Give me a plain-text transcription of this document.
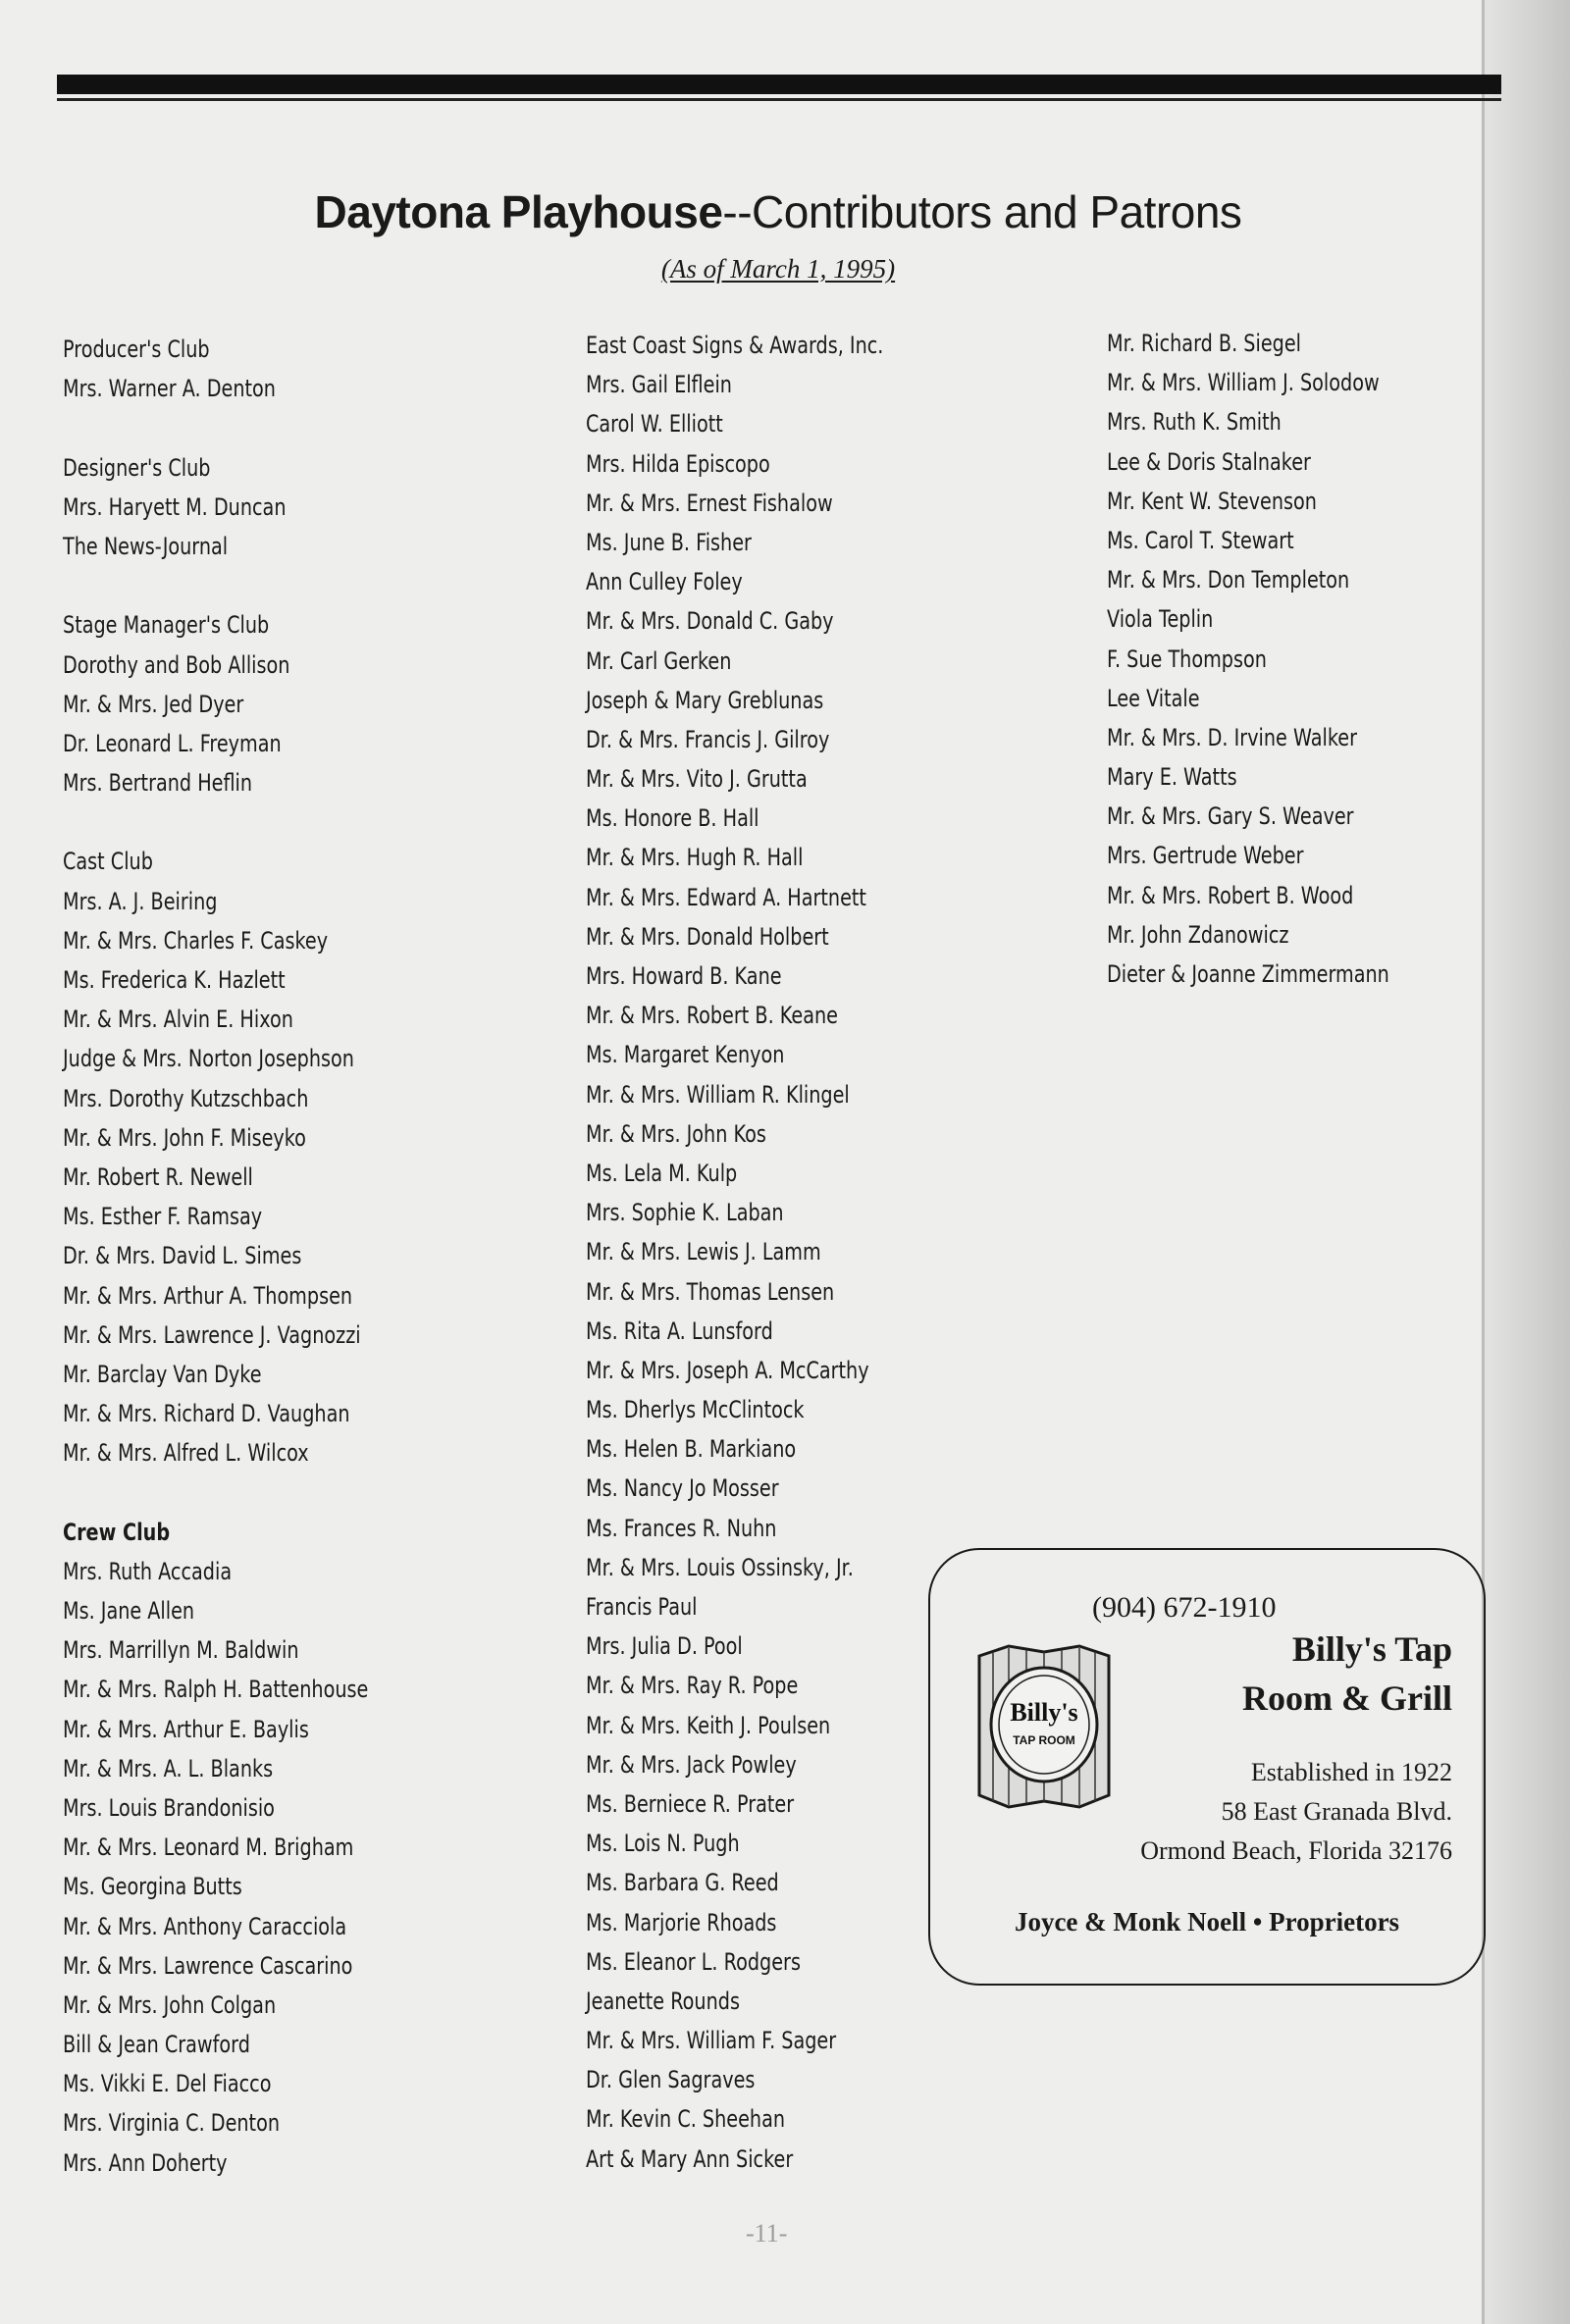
Daytona Playhouse--Contributors and Patrons
(As of March 1, 1995)
Producer's Club
Mrs. Warner A. Denton
Designer's Club
Mrs. Haryett M. Duncan
The News-Journal
Stage Manager's Club
Dorothy and Bob Allison
Mr. & Mrs. Jed Dyer
Dr. Leonard L. Freyman
Mrs. Bertrand Heflin
Cast Club
Mrs. A. J. Beiring
Mr. & Mrs. Charles F. Caskey
Ms. Frederica K. Hazlett
Mr. & Mrs. Alvin E. Hixon
Judge & Mrs. Norton Josephson
Mrs. Dorothy Kutzschbach
Mr. & Mrs. John F. Miseyko
Mr. Robert R. Newell
Ms. Esther F. Ramsay
Dr. & Mrs. David L. Simes
Mr. & Mrs. Arthur A. Thompsen
Mr. & Mrs. Lawrence J. Vagnozzi
Mr. Barclay Van Dyke
Mr. & Mrs. Richard D. Vaughan
Mr. & Mrs. Alfred L. Wilcox
Crew Club
Mrs. Ruth Accadia
Ms. Jane Allen
Mrs. Marrillyn M. Baldwin
Mr. & Mrs. Ralph H. Battenhouse
Mr. & Mrs. Arthur E. Baylis
Mr. & Mrs. A. L. Blanks
Mrs. Louis Brandonisio
Mr. & Mrs. Leonard M. Brigham
Ms. Georgina Butts
Mr. & Mrs. Anthony Caracciola
Mr. & Mrs. Lawrence Cascarino
Mr. & Mrs. John Colgan
Bill & Jean Crawford
Ms. Vikki E. Del Fiacco
Mrs. Virginia C. Denton
Mrs. Ann Doherty
East Coast Signs & Awards, Inc.
Mrs. Gail Elflein
Carol W. Elliott
Mrs. Hilda Episcopo
Mr. & Mrs. Ernest Fishalow
Ms. June B. Fisher
Ann Culley Foley
Mr. & Mrs. Donald C. Gaby
Mr. Carl Gerken
Joseph & Mary Greblunas
Dr. & Mrs. Francis J. Gilroy
Mr. & Mrs. Vito J. Grutta
Ms. Honore B. Hall
Mr. & Mrs. Hugh R. Hall
Mr. & Mrs. Edward A. Hartnett
Mr. & Mrs. Donald Holbert
Mrs. Howard B. Kane
Mr. & Mrs. Robert B. Keane
Ms. Margaret Kenyon
Mr. & Mrs. William R. Klingel
Mr. & Mrs. John Kos
Ms. Lela M. Kulp
Mrs. Sophie K. Laban
Mr. & Mrs. Lewis J. Lamm
Mr. & Mrs. Thomas Lensen
Ms. Rita A. Lunsford
Mr. & Mrs. Joseph A. McCarthy
Ms. Dherlys McClintock
Ms. Helen B. Markiano
Ms. Nancy Jo Mosser
Ms. Frances R. Nuhn
Mr. & Mrs. Louis Ossinsky, Jr.
Francis Paul
Mrs. Julia D. Pool
Mr. & Mrs. Ray R. Pope
Mr. & Mrs. Keith J. Poulsen
Mr. & Mrs. Jack Powley
Ms. Berniece R. Prater
Ms. Lois N. Pugh
Ms. Barbara G. Reed
Ms. Marjorie Rhoads
Ms. Eleanor L. Rodgers
Jeanette Rounds
Mr. & Mrs. William F. Sager
Dr. Glen Sagraves
Mr. Kevin C. Sheehan
Art & Mary Ann Sicker
Mr. Richard B. Siegel
Mr. & Mrs. William J. Solodow
Mrs. Ruth K. Smith
Lee & Doris Stalnaker
Mr. Kent W. Stevenson
Ms. Carol T. Stewart
Mr. & Mrs. Don Templeton
Viola Teplin
F. Sue Thompson
Lee Vitale
Mr. & Mrs. D. Irvine Walker
Mary E. Watts
Mr. & Mrs. Gary S. Weaver
Mrs. Gertrude Weber
Mr. & Mrs. Robert B. Wood
Mr. John Zdanowicz
Dieter & Joanne Zimmermann
(904) 672-1910
Billy's
TAP ROOM
Billy's Tap
Room & Grill
Established in 1922
58 East Granada Blvd.
Ormond Beach, Florida 32176
Joyce & Monk Noell • Proprietors
-11-
